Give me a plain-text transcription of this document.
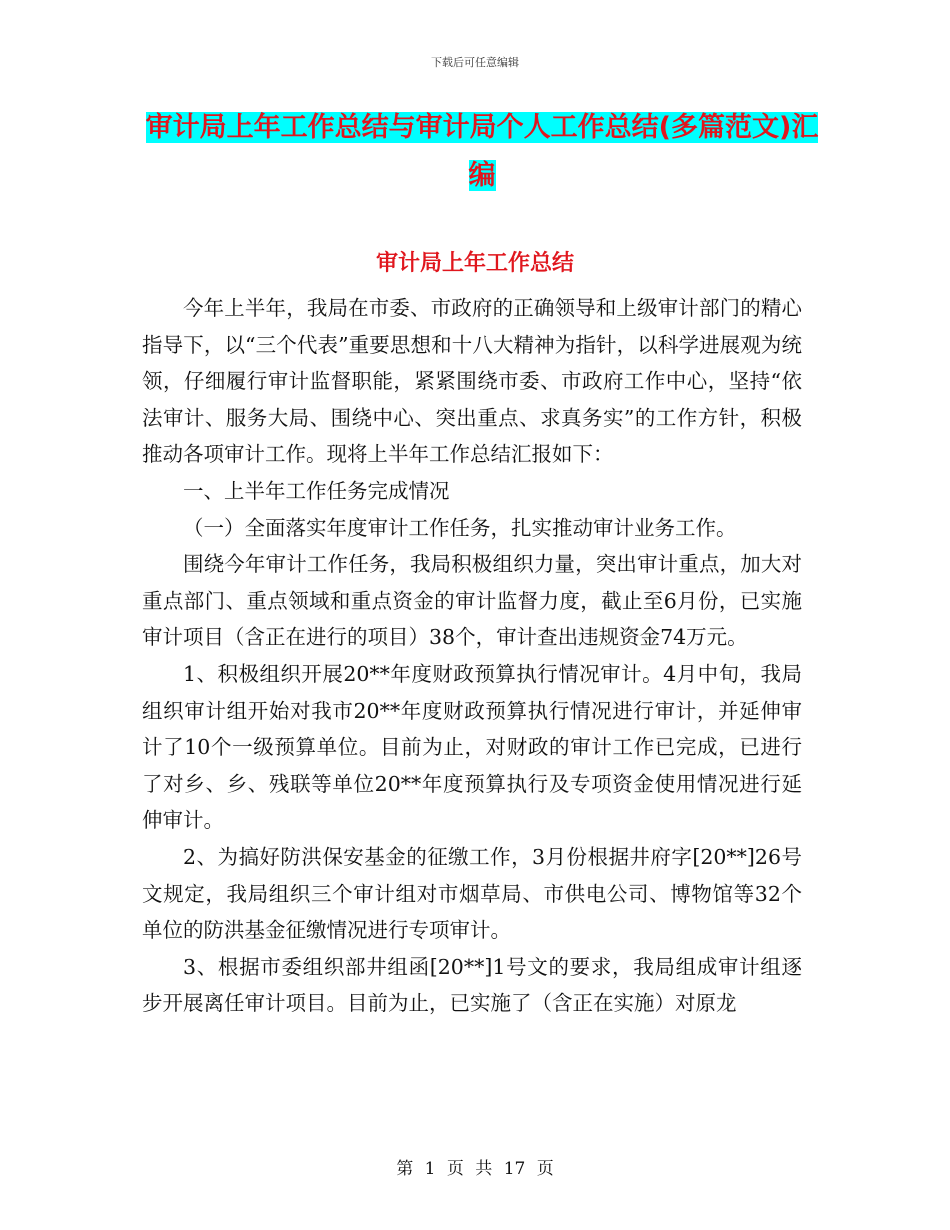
下载后可任意编辑
审计局上年工作总结与审计局个人工作总结(多篇范文)汇编
审计局上年工作总结

今年上半年，我局在市委、市政府的正确领导和上级审计部门的精心指导下，以“三个代表”重要思想和十八大精神为指针，以科学进展观为统领，仔细履行审计监督职能，紧紧围绕市委、市政府工作中心，坚持“依法审计、服务大局、围绕中心、突出重点、求真务实”的工作方针，积极推动各项审计工作。现将上半年工作总结汇报如下：

一、上半年工作任务完成情况

（一）全面落实年度审计工作任务，扎实推动审计业务工作。

围绕今年审计工作任务，我局积极组织力量，突出审计重点，加大对重点部门、重点领域和重点资金的审计监督力度，截止至6月份，已实施审计项目（含正在进行的项目）38个，审计查出违规资金74万元。

1、积极组织开展20**年度财政预算执行情况审计。4月中旬，我局组织审计组开始对我市20**年度财政预算执行情况进行审计，并延伸审计了10个一级预算单位。目前为止，对财政的审计工作已完成，已进行了对乡、乡、残联等单位20**年度预算执行及专项资金使用情况进行延伸审计。

2、为搞好防洪保安基金的征缴工作，3月份根据井府字[20**]26号文规定，我局组织三个审计组对市烟草局、市供电公司、博物馆等32个单位的防洪基金征缴情况进行专项审计。

3、根据市委组织部井组函[20**]1号文的要求，我局组成审计组逐步开展离任审计项目。目前为止，已实施了（含正在实施）对原龙

第 1 页 共 17 页
